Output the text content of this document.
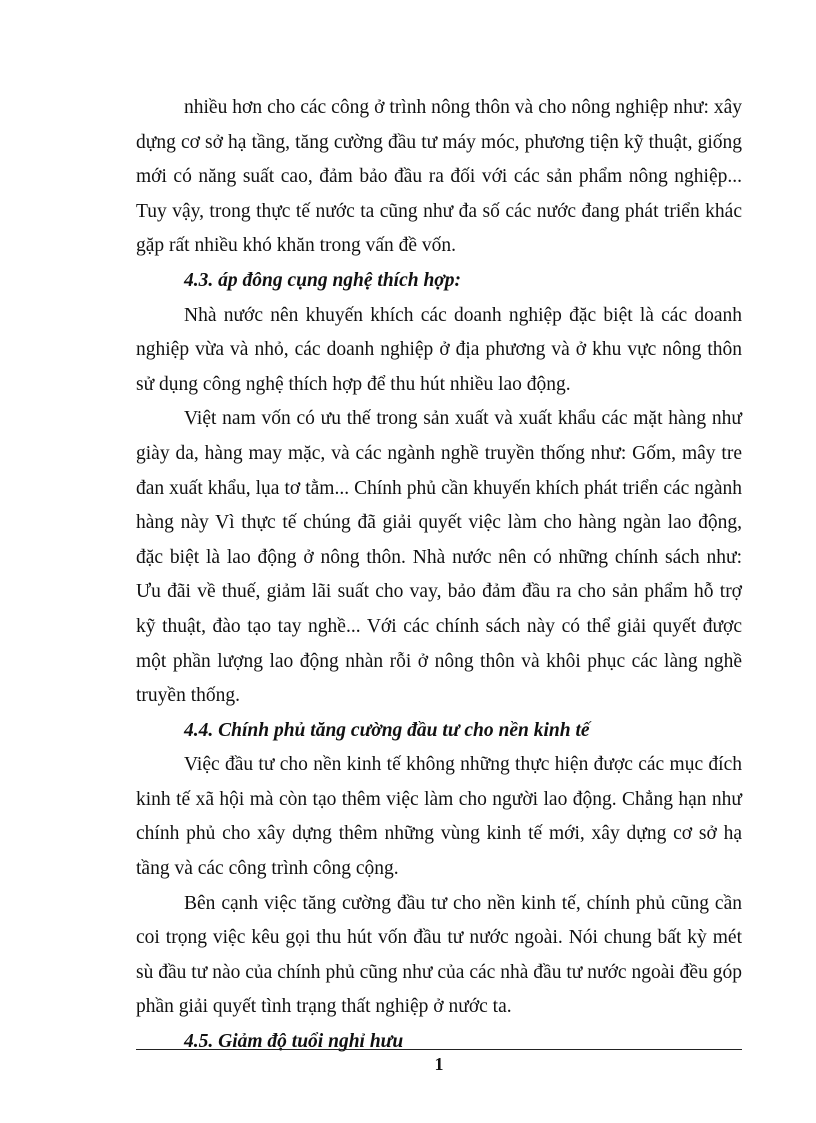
nhiều hơn cho các công ở trình nông thôn và cho nông nghiệp như: xây dựng cơ sở hạ tầng, tăng cường đầu tư máy móc, phương tiện kỹ thuật, giống mới có năng suất cao, đảm bảo đầu ra đối với các sản phẩm nông nghiệp... Tuy vậy, trong thực tế nước ta cũng như đa số các nước đang phát triển khác gặp rất nhiều khó khăn trong vấn đề vốn.

4.3. áp đông cụng nghệ thích hợp:

Nhà nước nên khuyến khích các doanh nghiệp đặc biệt là các doanh nghiệp vừa và nhỏ, các doanh nghiệp ở địa phương và ở khu vực nông thôn sử dụng công nghệ thích hợp để thu hút nhiều lao động.

Việt nam vốn có ưu thế trong sản xuất và xuất khẩu các mặt hàng như giày da, hàng may mặc, và các ngành nghề truyền thống như: Gốm, mây tre đan xuất khẩu, lụa tơ tằm... Chính phủ cần khuyến khích phát triển các ngành hàng này Vì thực tế chúng đã giải quyết việc làm cho hàng ngàn lao động, đặc biệt là lao động ở nông thôn. Nhà nước nên có những chính sách như: Ưu đãi về thuế, giảm lãi suất cho vay, bảo đảm đầu ra cho sản phẩm hỗ trợ kỹ thuật, đào tạo tay nghề... Với các chính sách này có thể giải quyết được một phần lượng lao động nhàn rỗi ở nông thôn và khôi phục các làng nghề truyền thống.

4.4. Chính phủ tăng cường đầu tư cho nền kinh tế

Việc đầu tư cho nền kinh tế không những thực hiện được các mục đích kinh tế xã hội mà còn tạo thêm việc làm cho người lao động. Chẳng hạn như chính phủ cho xây dựng thêm những vùng kinh tế mới, xây dựng cơ sở hạ tầng và các công trình công cộng.

Bên cạnh việc tăng cường đầu tư cho nền kinh tế, chính phủ cũng cần coi trọng việc kêu gọi thu hút vốn đầu tư nước ngoài. Nói chung bất kỳ mét sù đầu tư nào của chính phủ cũng như của các nhà đầu tư nước ngoài đều góp phần giải quyết tình trạng thất nghiệp ở nước ta.

4.5. Giảm độ tuổi nghỉ hưu

1
